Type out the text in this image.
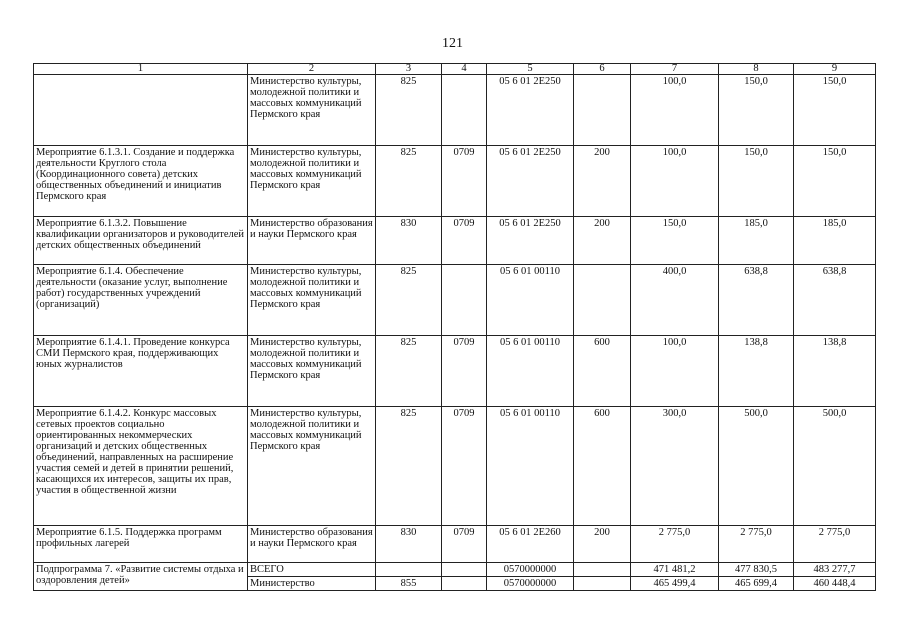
121
1	2	3	4	5	6	7	8	9
	Министерство культуры, молодежной политики и массовых коммуникаций Пермского края	825		05 6 01 2E250		100,0	150,0	150,0
Мероприятие 6.1.3.1. Создание и поддержка деятельности Круглого стола (Координационного совета) детских общественных объединений и инициатив Пермского края	Министерство культуры, молодежной политики и массовых коммуникаций Пермского края	825	0709	05 6 01 2E250	200	100,0	150,0	150,0
Мероприятие 6.1.3.2. Повышение квалификации организаторов и руководителей детских общественных объединений	Министерство образования и науки Пермского края	830	0709	05 6 01 2E250	200	150,0	185,0	185,0
Мероприятие 6.1.4. Обеспечение деятельности (оказание услуг, выполнение работ) государственных учреждений (организаций)	Министерство культуры, молодежной политики и массовых коммуникаций Пермского края	825		05 6 01 00110		400,0	638,8	638,8
Мероприятие 6.1.4.1. Проведение конкурса СМИ Пермского края, поддерживающих юных журналистов	Министерство культуры, молодежной политики и массовых коммуникаций Пермского края	825	0709	05 6 01 00110	600	100,0	138,8	138,8
Мероприятие 6.1.4.2. Конкурс массовых сетевых проектов социально ориентированных некоммерческих организаций и детских общественных объединений, направленных на расширение участия семей и детей в принятии решений, касающихся их интересов, защиты их прав, участия в общественной жизни	Министерство культуры, молодежной политики и массовых коммуникаций Пермского края	825	0709	05 6 01 00110	600	300,0	500,0	500,0
Мероприятие 6.1.5. Поддержка программ профильных лагерей	Министерство образования и науки Пермского края	830	0709	05 6 01 2E260	200	2 775,0	2 775,0	2 775,0
Подпрограмма 7. «Развитие системы отдыха и оздоровления детей»	ВСЕГО			0570000000		471 481,2	477 830,5	483 277,7
	Министерство	855		0570000000		465 499,4	465 699,4	460 448,4
